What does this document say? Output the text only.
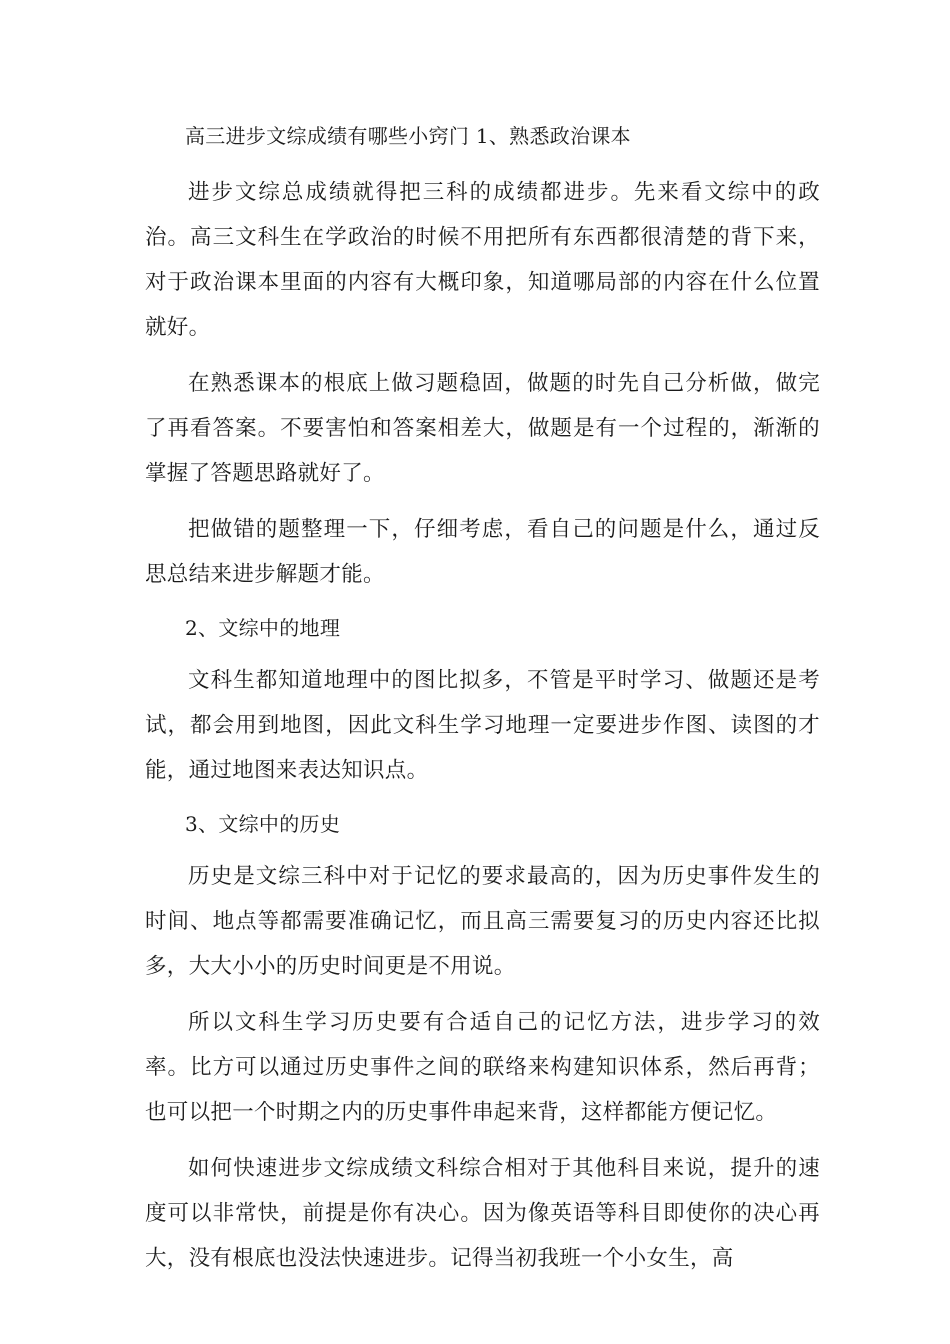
高三进步文综成绩有哪些小窍门 1、熟悉政治课本

进步文综总成绩就得把三科的成绩都进步。先来看文综中的政治。高三文科生在学政治的时候不用把所有东西都很清楚的背下来，对于政治课本里面的内容有大概印象，知道哪局部的内容在什么位置就好。

在熟悉课本的根底上做习题稳固，做题的时先自己分析做，做完了再看答案。不要害怕和答案相差大，做题是有一个过程的，渐渐的掌握了答题思路就好了。

把做错的题整理一下，仔细考虑，看自己的问题是什么，通过反思总结来进步解题才能。

2、文综中的地理

文科生都知道地理中的图比拟多，不管是平时学习、做题还是考试，都会用到地图，因此文科生学习地理一定要进步作图、读图的才能，通过地图来表达知识点。

3、文综中的历史

历史是文综三科中对于记忆的要求最高的，因为历史事件发生的时间、地点等都需要准确记忆，而且高三需要复习的历史内容还比拟多，大大小小的历史时间更是不用说。

所以文科生学习历史要有合适自己的记忆方法，进步学习的效率。比方可以通过历史事件之间的联络来构建知识体系，然后再背；也可以把一个时期之内的历史事件串起来背，这样都能方便记忆。

如何快速进步文综成绩文科综合相对于其他科目来说，提升的速度可以非常快，前提是你有决心。因为像英语等科目即使你的决心再大，没有根底也没法快速进步。记得当初我班一个小女生，高
